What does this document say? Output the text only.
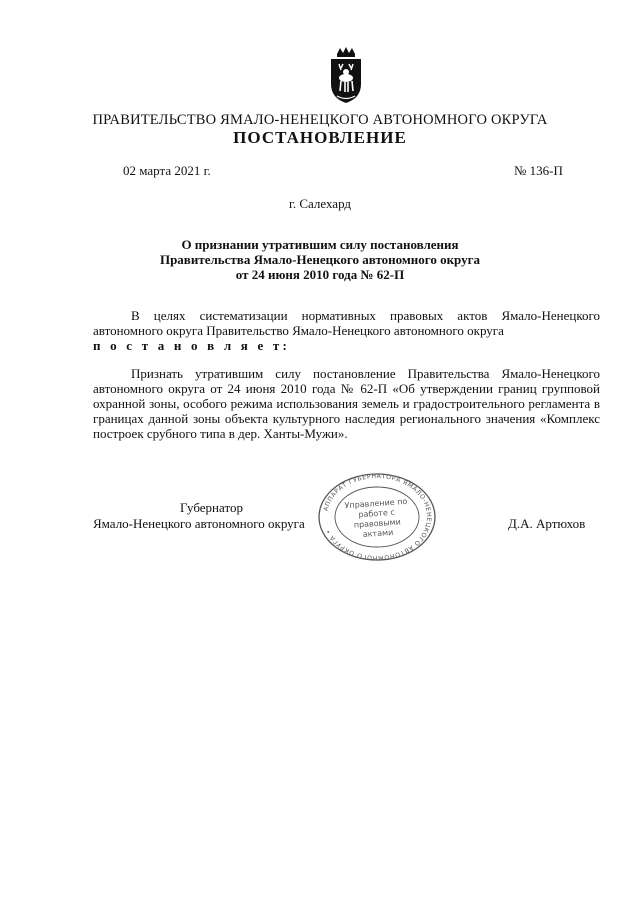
ПРАВИТЕЛЬСТВО ЯМАЛО-НЕНЕЦКОГО АВТОНОМНОГО ОКРУГА
ПОСТАНОВЛЕНИЕ
02 марта 2021 г.	№ 136-П
г. Салехард
О признании утратившим силу постановления
Правительства Ямало-Ненецкого автономного округа
от 24 июня 2010 года № 62-П
В целях систематизации нормативных правовых актов Ямало-Ненецкого автономного округа Правительство Ямало-Ненецкого автономного округа
п о с т а н о в л я е т:
Признать утратившим силу постановление Правительства Ямало-Ненецкого автономного округа от 24 июня 2010 года № 62-П «Об утверждении границ групповой охранной зоны, особого режима использования земель и градостроительного регламента в границах данной зоны объекта культурного наследия регионального значения «Комплекс построек срубного типа в дер. Ханты-Мужи».
Губернатор
Ямало-Ненецкого автономного округа	Д.А. Артюхов
АППАРАТ ГУБЕРНАТОРА ЯМАЛО-НЕНЕЦКОГО АВТОНОМНОГО ОКРУГА •
Управление по работе с правовыми актами
